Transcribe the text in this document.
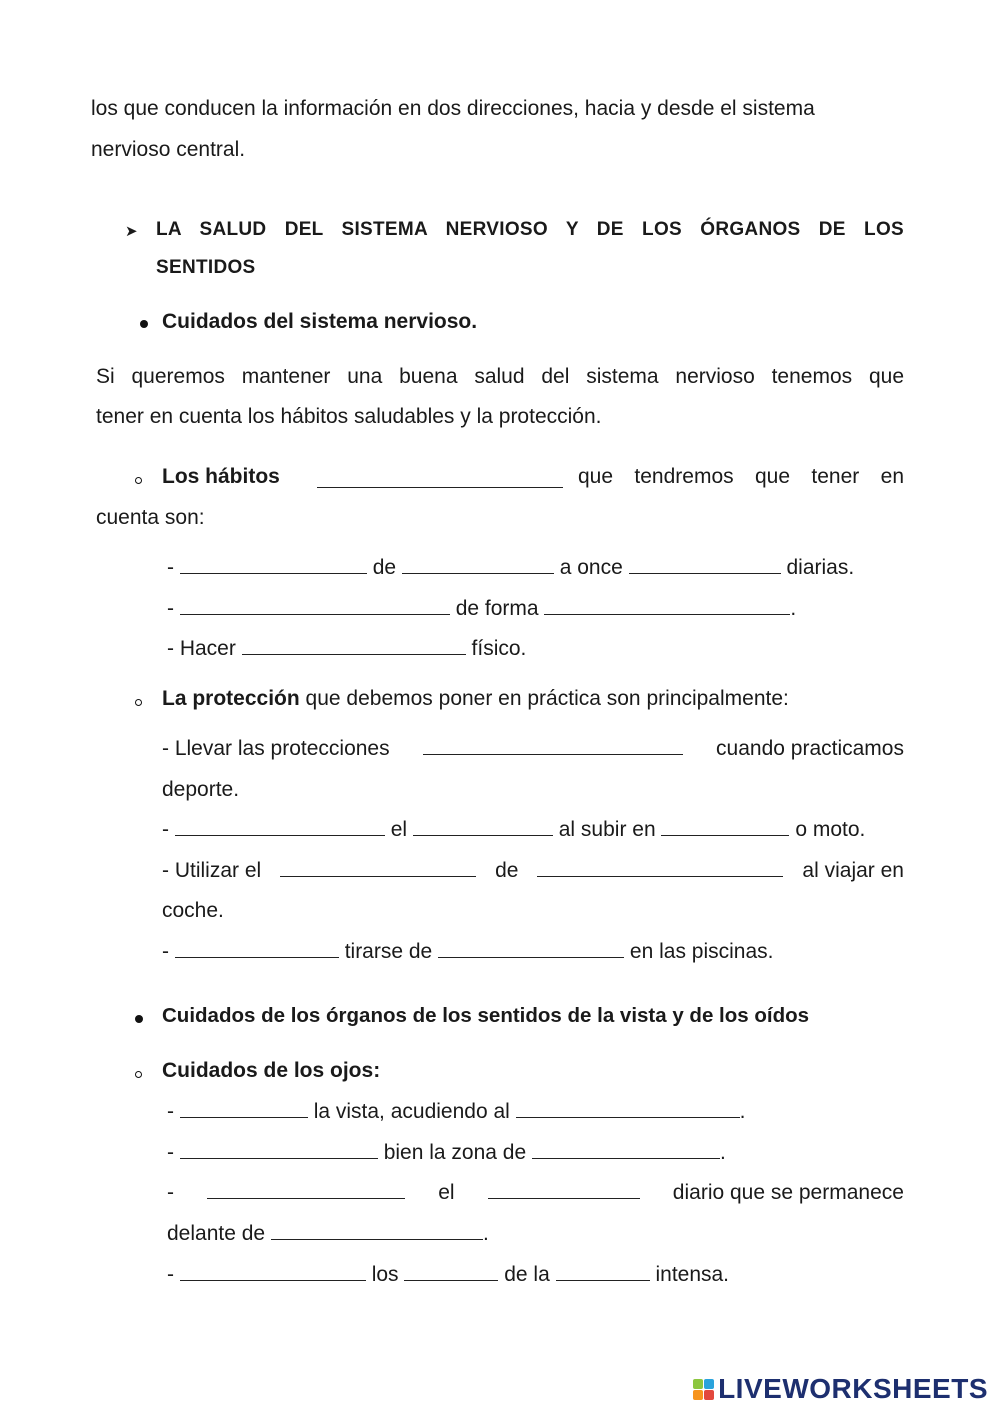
los que conducen la información en dos direcciones, hacia y desde el sistema
nervioso central.
➤ LA SALUD DEL SISTEMA NERVIOSO Y DE LOS ÓRGANOS DE LOS
SENTIDOS
Cuidados del sistema nervioso.
Si queremos mantener una buena salud del sistema nervioso tenemos que
tener en cuenta los hábitos saludables y la protección.
Los hábitos	que tendremos que tener en
cuenta son:
-	de	a once	diarias.
-	de forma	.
- Hacer	físico.
La protección que debemos poner en práctica son principalmente:
- Llevar las protecciones	cuando practicamos
deporte.
-	el	al subir en	o moto.
- Utilizar el	de	al viajar en
coche.
-	tirarse de	en las piscinas.
Cuidados de los órganos de los sentidos de la vista y de los oídos
Cuidados de los ojos:
-	la vista, acudiendo al	.
-	bien la zona de	.
-	el	diario que se permanece
delante de	.
-	los	de la	intensa.
LIVEWORKSHEETS
